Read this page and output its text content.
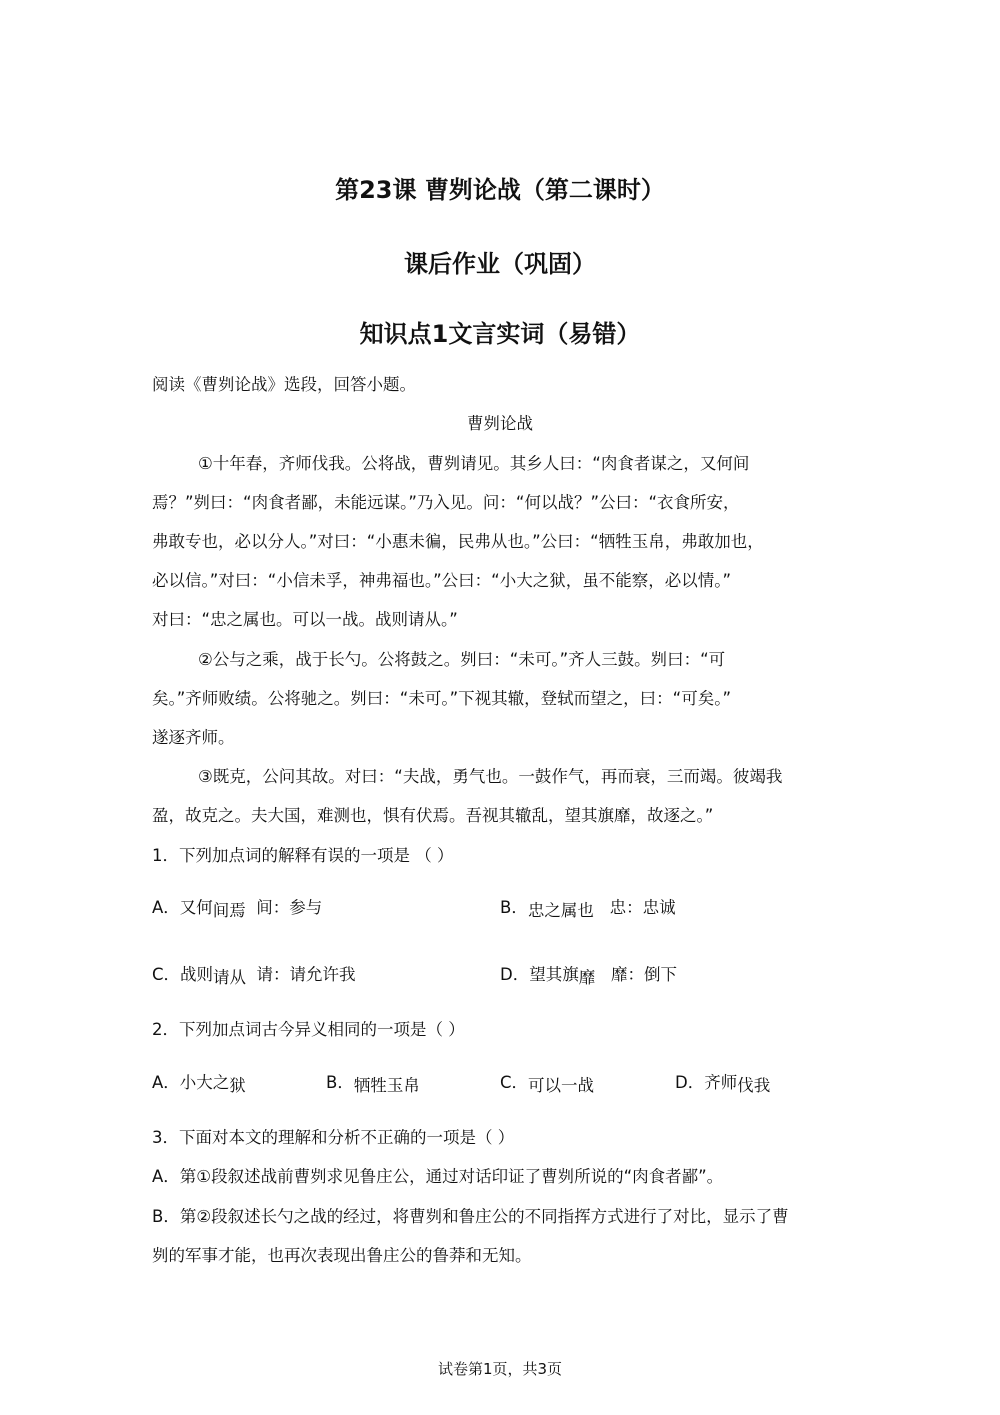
第23课 曹刿论战（第二课时）
课后作业（巩固）
知识点1文言实词（易错）
阅读《曹刿论战》选段，回答小题。
曹刿论战
①十年春，齐师伐我。公将战，曹刿请见。其乡人曰：“肉食者谋之，又何间
焉？”刿曰：“肉食者鄙，未能远谋。”乃入见。问：“何以战？”公曰：“衣食所安，
弗敢专也，必以分人。”对曰：“小惠未徧，民弗从也。”公曰：“牺牲玉帛，弗敢加也，
必以信。”对曰：“小信未孚，神弗福也。”公曰：“小大之狱，虽不能察，必以情。”
对曰：“忠之属也。可以一战。战则请从。”
②公与之乘，战于长勺。公将鼓之。刿曰：“未可。”齐人三鼓。刿曰：“可
矣。”齐师败绩。公将驰之。刿曰：“未可。”下视其辙，登轼而望之，曰：“可矣。”
遂逐齐师。
③既克，公问其故。对曰：“夫战，勇气也。一鼓作气，再而衰，三而竭。彼竭我
盈，故克之。夫大国，难测也，惧有伏焉。吾视其辙乱，望其旗靡，故逐之。”
1．下列加点词的解释有误的一项是 （ ）
A．又何间焉 间：参与	B．忠之属也 忠：忠诚
C．战则请从 请：请允许我	D．望其旗靡 靡：倒下
2．下列加点词古今异义相同的一项是（ ）
A．小大之狱	B．牺牲玉帛	C．可以一战	D．齐师伐我
3．下面对本文的理解和分析不正确的一项是（ ）
A．第①段叙述战前曹刿求见鲁庄公，通过对话印证了曹刿所说的“肉食者鄙”。
B．第②段叙述长勺之战的经过，将曹刿和鲁庄公的不同指挥方式进行了对比，显示了曹
刿的军事才能，也再次表现出鲁庄公的鲁莽和无知。
试卷第1页，共3页
